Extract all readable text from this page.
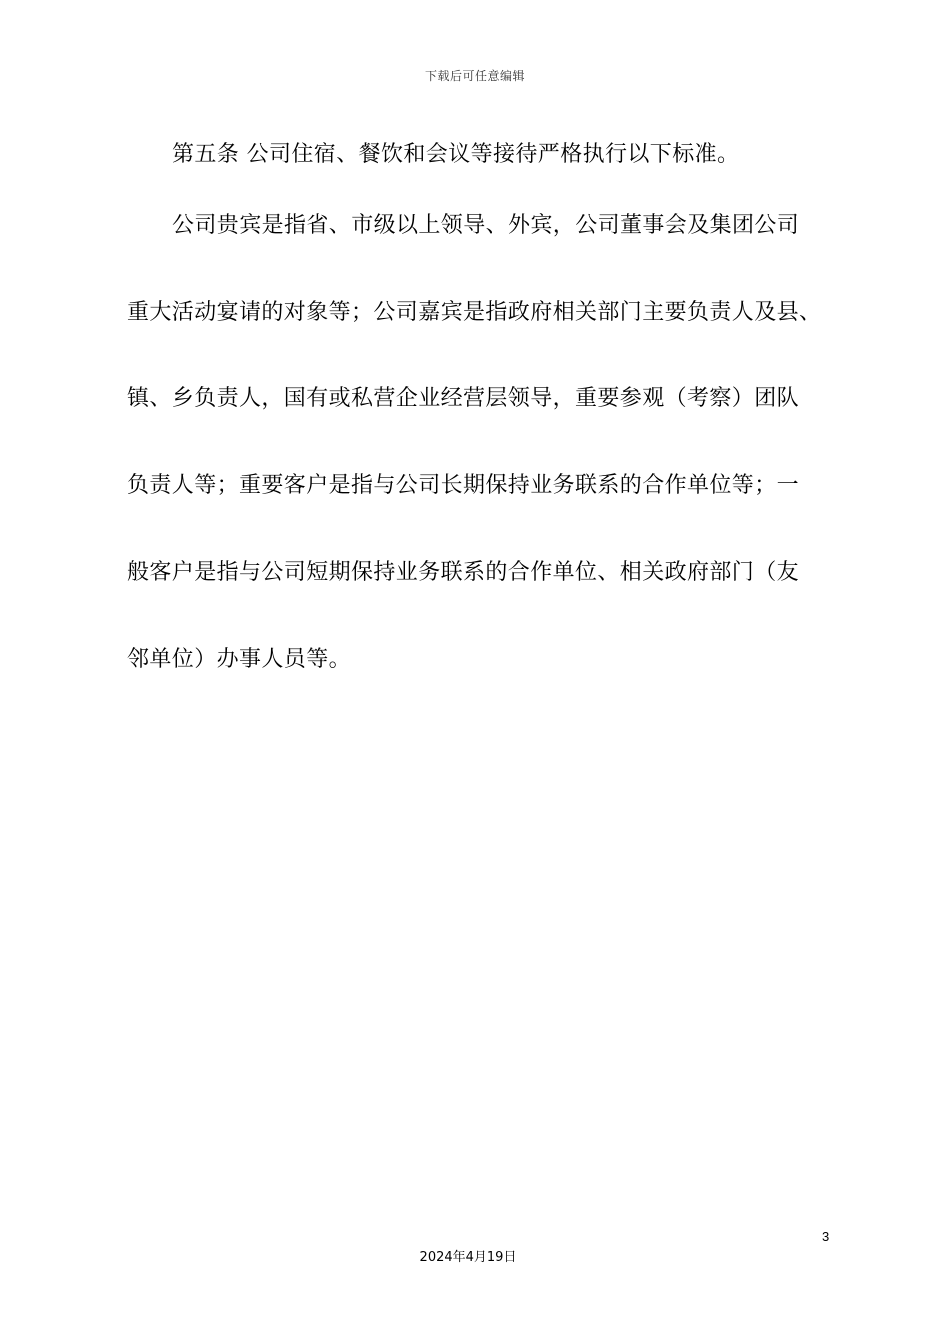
下载后可任意编辑
第五条 公司住宿、餐饮和会议等接待严格执行以下标准。
公司贵宾是指省、市级以上领导、外宾，公司董事会及集团公司
重大活动宴请的对象等；公司嘉宾是指政府相关部门主要负责人及县、
镇、乡负责人，国有或私营企业经营层领导，重要参观（考察）团队
负责人等；重要客户是指与公司长期保持业务联系的合作单位等；一
般客户是指与公司短期保持业务联系的合作单位、相关政府部门（友
邻单位）办事人员等。
3
2024年4月19日
